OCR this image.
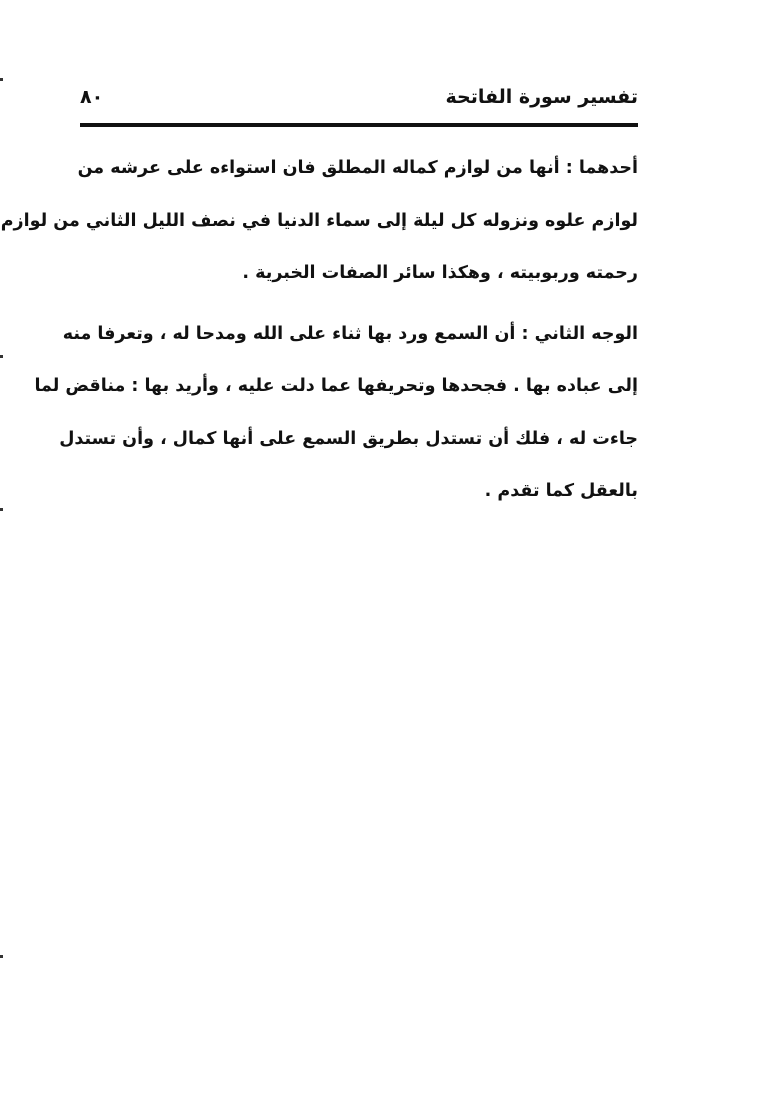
تفسير سورة الفاتحة
٨٠
أحدهما : أنها من لوازم كماله المطلق فان استواءه على عرشه من
لوازم علوه ونزوله كل ليلة إلى سماء الدنيا في نصف الليل الثاني من لوازم
رحمته وربوبيته ، وهكذا سائر الصفات الخبرية .
الوجه الثاني : أن السمع ورد بها ثناء على الله ومدحا له ، وتعرفا منه
إلى عباده بها . فجحدها وتحريفها عما دلت عليه ، وأريد بها : مناقض لما
جاءت له ، فلك أن تستدل بطريق السمع على أنها كمال ، وأن تستدل
بالعقل كما تقدم .
